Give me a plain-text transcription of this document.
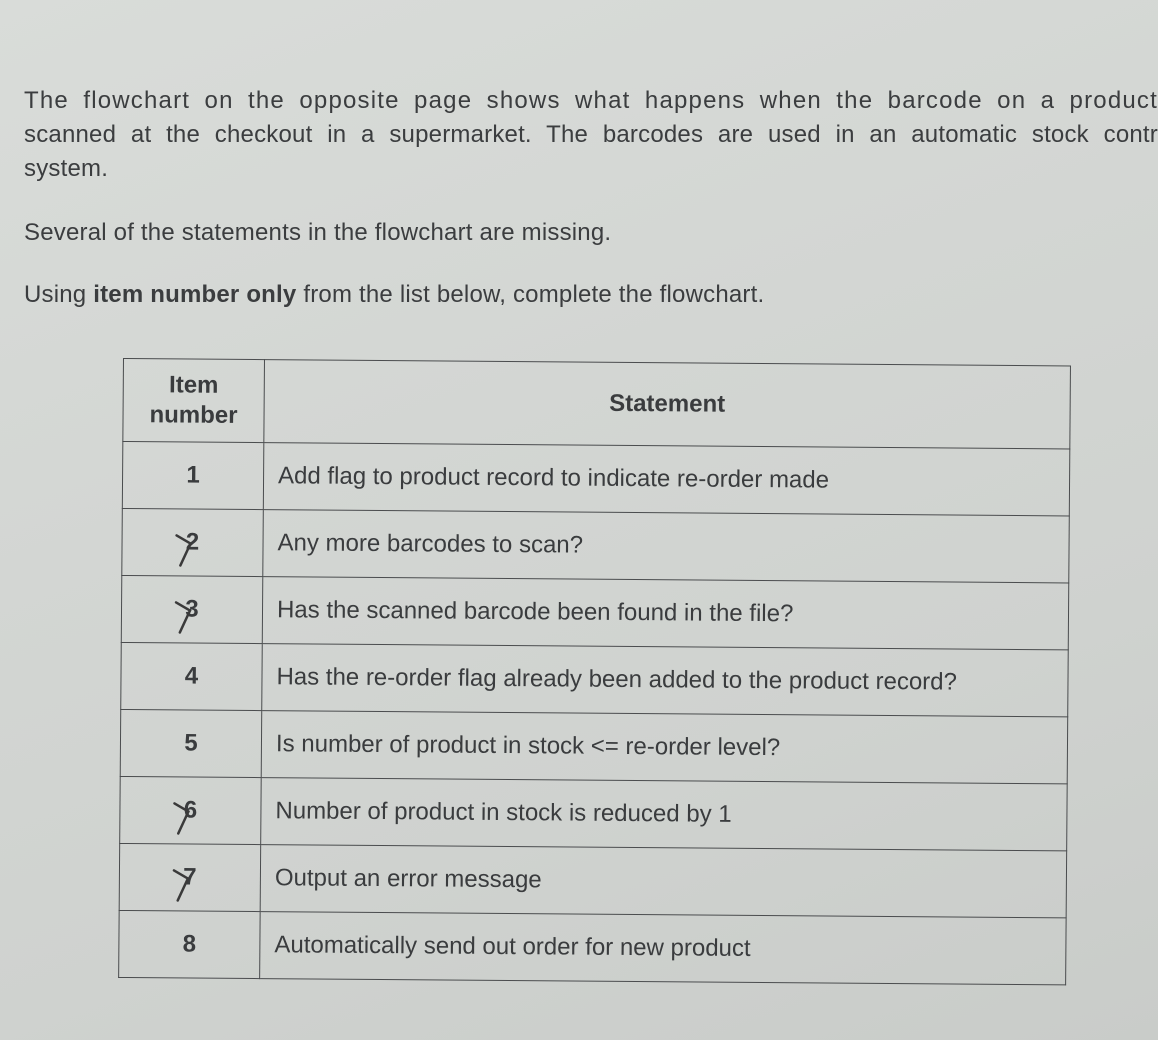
The flowchart on the opposite page shows what happens when the barcode on a product
scanned at the checkout in a supermarket. The barcodes are used in an automatic stock contr
system.

Several of the statements in the flowchart are missing.

Using item number only from the list below, complete the flowchart.

Item
number	Statement
1	Add flag to product record to indicate re-order made
2	Any more barcodes to scan?
3	Has the scanned barcode been found in the file?
4	Has the re-order flag already been added to the product record?
5	Is number of product in stock <= re-order level?
6	Number of product in stock is reduced by 1
7	Output an error message
8	Automatically send out order for new product
